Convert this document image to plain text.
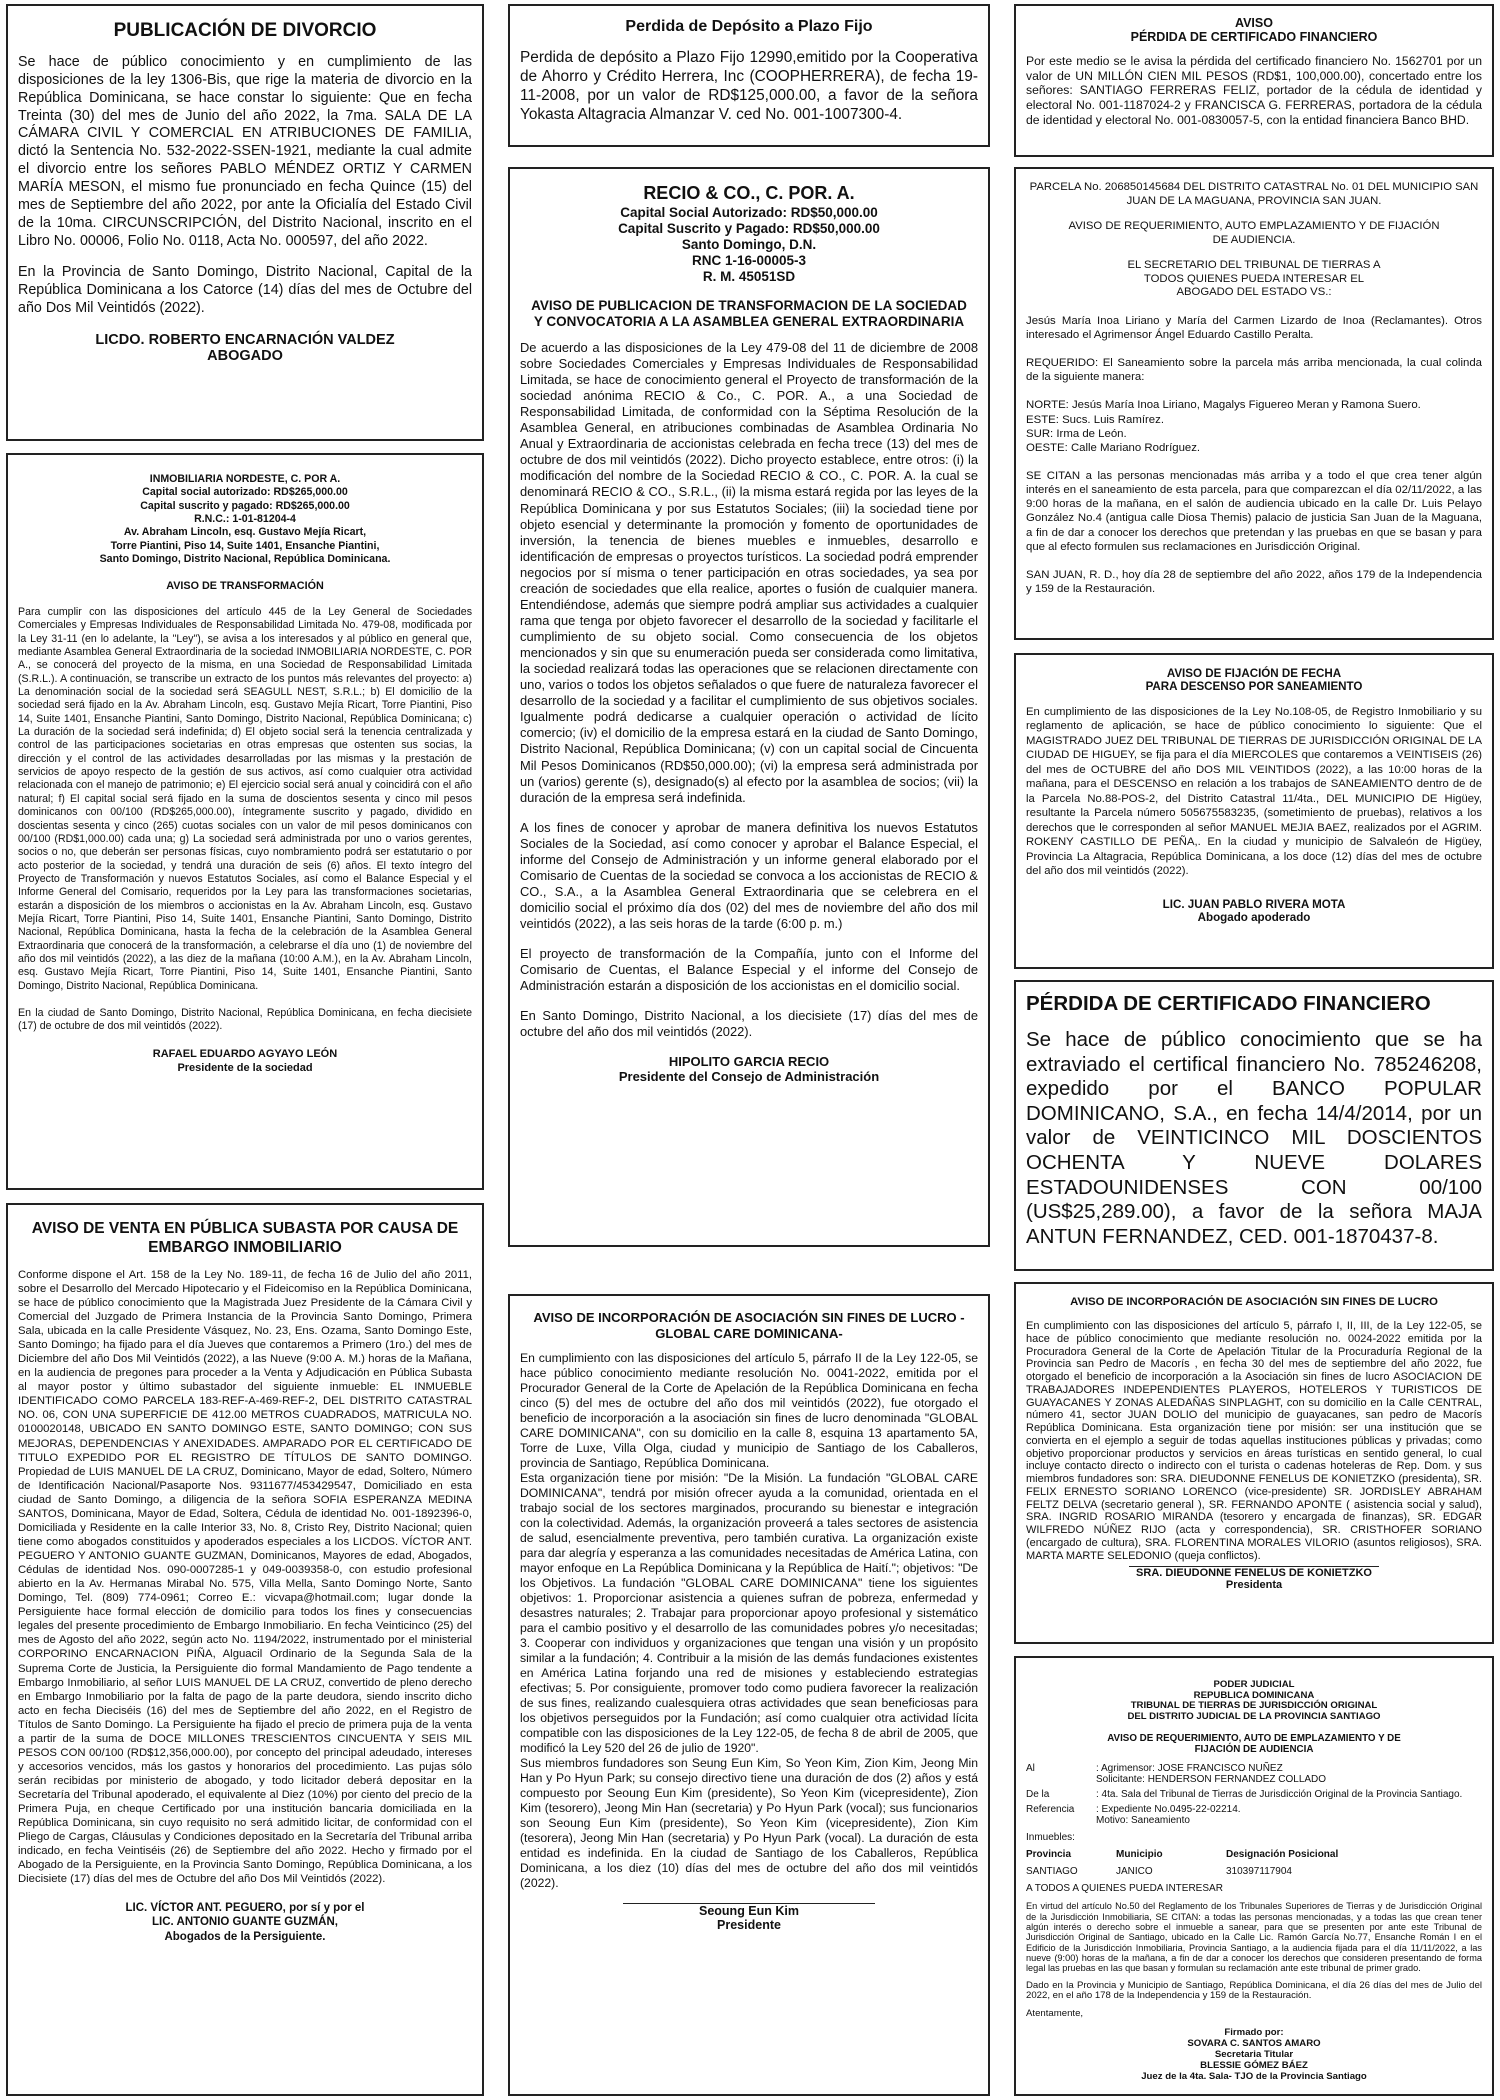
PUBLICACIÓN DE DIVORCIO

Se hace de público conocimiento y en cumplimiento de las disposiciones de la ley 1306-Bis, que rige la materia de divorcio en la República Dominicana, se hace constar lo siguiente: Que en fecha Treinta (30) del mes de Junio del año 2022, la 7ma. SALA DE LA CÁMARA CIVIL Y COMERCIAL EN ATRIBUCIONES DE FAMILIA, dictó la Sentencia No. 532-2022-SSEN-1921, mediante la cual admite el divorcio entre los señores PABLO MÉNDEZ ORTIZ Y CARMEN MARÍA MESON, el mismo fue pronunciado en fecha Quince (15) del mes de Septiembre del año 2022, por ante la Oficialía del Estado Civil de la 10ma. CIRCUNSCRIPCIÓN, del Distrito Nacional, inscrito en el Libro No. 00006, Folio No. 0118, Acta No. 000597, del año 2022.

En la Provincia de Santo Domingo, Distrito Nacional, Capital de la República Dominicana a los Catorce (14) días del mes de Octubre del año Dos Mil Veintidós (2022).

LICDO. ROBERTO ENCARNACIÓN VALDEZ
ABOGADO
INMOBILIARIA NORDESTE, C. POR A.
Capital social autorizado: RD$265,000.00
Capital suscrito y pagado: RD$265,000.00
R.N.C.: 1-01-81204-4
Av. Abraham Lincoln, esq. Gustavo Mejía Ricart,
Torre Piantini, Piso 14, Suite 1401, Ensanche Piantini,
Santo Domingo, Distrito Nacional, República Dominicana.
AVISO DE TRANSFORMACIÓN

Para cumplir con las disposiciones del artículo 445 de la Ley General de Sociedades Comerciales y Empresas Individuales de Responsabilidad Limitada No. 479-08, modificada por la Ley 31-11 (en lo adelante, la "Ley"), se avisa a los interesados y al público en general que, mediante Asamblea General Extraordinaria de la sociedad INMOBILIARIA NORDESTE, C. POR A., se conocerá del proyecto de la misma, en una Sociedad de Responsabilidad Limitada (S.R.L.). A continuación, se transcribe un extracto de los puntos más relevantes del proyecto: a) La denominación social de la sociedad será SEAGULL NEST, S.R.L.; b) El domicilio de la sociedad será fijado en la Av. Abraham Lincoln, esq. Gustavo Mejía Ricart, Torre Piantini, Piso 14, Suite 1401, Ensanche Piantini, Santo Domingo, Distrito Nacional, República Dominicana; c) La duración de la sociedad será indefinida; d) El objeto social será la tenencia centralizada y control de las participaciones societarias en otras empresas que ostenten sus socias, la dirección y el control de las actividades desarrolladas por las mismas y la prestación de servicios de apoyo respecto de la gestión de sus activos, así como cualquier otra actividad relacionada con el manejo de patrimonio; e) El ejercicio social será anual y coincidirá con el año natural; f) El capital social será fijado en la suma de doscientos sesenta y cinco mil pesos dominicanos con 00/100 (RD$265,000.00), íntegramente suscrito y pagado, dividido en doscientas sesenta y cinco (265) cuotas sociales con un valor de mil pesos dominicanos con 00/100 (RD$1,000.00) cada una; g) La sociedad será administrada por uno o varios gerentes, socios o no, que deberán ser personas físicas, cuyo nombramiento podrá ser estatutario o por acto posterior de la sociedad, y tendrá una duración de seis (6) años. El texto íntegro del Proyecto de Transformación y nuevos Estatutos Sociales, así como el Balance Especial y el Informe General del Comisario, requeridos por la Ley para las transformaciones societarias, estarán a disposición de los miembros o accionistas en la Av. Abraham Lincoln, esq. Gustavo Mejía Ricart, Torre Piantini, Piso 14, Suite 1401, Ensanche Piantini, Santo Domingo, Distrito Nacional, República Dominicana, hasta la fecha de la celebración de la Asamblea General Extraordinaria que conocerá de la transformación, a celebrarse el día uno (1) de noviembre del año dos mil veintidós (2022), a las diez de la mañana (10:00 A.M.), en la Av. Abraham Lincoln, esq. Gustavo Mejía Ricart, Torre Piantini, Piso 14, Suite 1401, Ensanche Piantini, Santo Domingo, Distrito Nacional, República Dominicana.

En la ciudad de Santo Domingo, Distrito Nacional, República Dominicana, en fecha diecisiete (17) de octubre de dos mil veintidós (2022).

RAFAEL EDUARDO AGYAYO LEÓN
Presidente de la sociedad
AVISO DE VENTA EN PÚBLICA SUBASTA POR CAUSA DE EMBARGO INMOBILIARIO

Conforme dispone el Art. 158 de la Ley No. 189-11, de fecha 16 de Julio del año 2011, sobre el Desarrollo del Mercado Hipotecario y el Fideicomiso en la República Dominicana, se hace de público conocimiento que la Magistrada Juez Presidente de la Cámara Civil y Comercial del Juzgado de Primera Instancia de la Provincia Santo Domingo, Primera Sala, ubicada en la calle Presidente Vásquez, No. 23, Ens. Ozama, Santo Domingo Este, Santo Domingo; ha fijado para el día Jueves que contaremos a Primero (1ro.) del mes de Diciembre del año Dos Mil Veintidós (2022), a las Nueve (9:00 A. M.) horas de la Mañana, en la audiencia de pregones para proceder a la Venta y Adjudicación en Pública Subasta al mayor postor y último subastador del siguiente inmueble: EL INMUEBLE IDENTIFICADO COMO PARCELA 183-REF-A-469-REF-2, DEL DISTRITO CATASTRAL NO. 06, CON UNA SUPERFICIE DE 412.00 METROS CUADRADOS, MATRICULA NO. 0100020148, UBICADO EN SANTO DOMINGO ESTE, SANTO DOMINGO; CON SUS MEJORAS, DEPENDENCIAS Y ANEXIDADES. AMPARADO POR EL CERTIFICADO DE TITULO EXPEDIDO POR EL REGISTRO DE TÍTULOS DE SANTO DOMINGO. Propiedad de LUIS MANUEL DE LA CRUZ, Dominicano, Mayor de edad, Soltero, Número de Identificación Nacional/Pasaporte Nos. 9311677/453429547, Domiciliado en esta ciudad de Santo Domingo, a diligencia de la señora SOFIA ESPERANZA MEDINA SANTOS, Dominicana, Mayor de Edad, Soltera, Cédula de identidad No. 001-1892396-0, Domiciliada y Residente en la calle Interior 33, No. 8, Cristo Rey, Distrito Nacional; quien tiene como abogados constituidos y apoderados especiales a los LICDOS. VÍCTOR ANT. PEGUERO Y ANTONIO GUANTE GUZMAN, Dominicanos, Mayores de edad, Abogados, Cédulas de identidad Nos. 090-0007285-1 y 049-0039358-0, con estudio profesional abierto en la Av. Hermanas Mirabal No. 575, Villa Mella, Santo Domingo Norte, Santo Domingo, Tel. (809) 774-0961; Correo E.: vicvapa@hotmail.com; lugar donde la Persiguiente hace formal elección de domicilio para todos los fines y consecuencias legales del presente procedimiento de Embargo Inmobiliario. En fecha Veinticinco (25) del mes de Agosto del año 2022, según acto No. 1194/2022, instrumentado por el ministerial CORPORINO ENCARNACION PIÑA, Alguacil Ordinario de la Segunda Sala de la Suprema Corte de Justicia, la Persiguiente dio formal Mandamiento de Pago tendente a Embargo Inmobiliario, al señor LUIS MANUEL DE LA CRUZ, convertido de pleno derecho en Embargo Inmobiliario por la falta de pago de la parte deudora, siendo inscrito dicho acto en fecha Dieciséis (16) del mes de Septiembre del año 2022, en el Registro de Títulos de Santo Domingo. La Persiguiente ha fijado el precio de primera puja de la venta a partir de la suma de DOCE MILLONES TRESCIENTOS CINCUENTA Y SEIS MIL PESOS CON 00/100 (RD$12,356,000.00), por concepto del principal adeudado, intereses y accesorios vencidos, más los gastos y honorarios del procedimiento. Las pujas sólo serán recibidas por ministerio de abogado, y todo licitador deberá depositar en la Secretaría del Tribunal apoderado, el equivalente al Diez (10%) por ciento del precio de la Primera Puja, en cheque Certificado por una institución bancaria domiciliada en la República Dominicana, sin cuyo requisito no será admitido licitar, de conformidad con el Pliego de Cargas, Cláusulas y Condiciones depositado en la Secretaría del Tribunal arriba indicado, en fecha Veintiséis (26) de Septiembre del año 2022. Hecho y firmado por el Abogado de la Persiguiente, en la Provincia Santo Domingo, República Dominicana, a los Diecisiete (17) días del mes de Octubre del año Dos Mil Veintidós (2022).

LIC. VÍCTOR ANT. PEGUERO, por sí y por el
LIC. ANTONIO GUANTE GUZMÁN,
Abogados de la Persiguiente.
Perdida de Depósito a Plazo Fijo

Perdida de depósito a Plazo Fijo 12990,emitido por la Cooperativa de Ahorro y Crédito Herrera, Inc (COOPHERRERA), de fecha 19-11-2008, por un valor de RD$125,000.00, a favor de la señora Yokasta Altagracia Almanzar V. ced No. 001-1007300-4.

RECIO & CO., C. POR. A.
Capital Social Autorizado: RD$50,000.00
Capital Suscrito y Pagado: RD$50,000.00
Santo Domingo, D.N.
RNC 1-16-00005-3
R. M. 45051SD
AVISO DE PUBLICACION DE TRANSFORMACION DE LA SOCIEDAD Y CONVOCATORIA A LA ASAMBLEA GENERAL EXTRAORDINARIA

De acuerdo a las disposiciones de la Ley 479-08 del 11 de diciembre de 2008 sobre Sociedades Comerciales y Empresas Individuales de Responsabilidad Limitada, se hace de conocimiento general el Proyecto de transformación de la sociedad anónima RECIO & Co., C. POR. A., a una Sociedad de Responsabilidad Limitada, de conformidad con la Séptima Resolución de la Asamblea General, en atribuciones combinadas de Asamblea Ordinaria No Anual y Extraordinaria de accionistas celebrada en fecha trece (13) del mes de octubre de dos mil veintidós (2022). Dicho proyecto establece, entre otros: (i) la modificación del nombre de la Sociedad RECIO & CO., C. POR. A. la cual se denominará RECIO & CO., S.R.L., (ii) la misma estará regida por las leyes de la República Dominicana y por sus Estatutos Sociales; (iii) la sociedad tiene por objeto esencial y determinante la promoción y fomento de oportunidades de inversión, la tenencia de bienes muebles e inmuebles, desarrollo e identificación de empresas o proyectos turísticos. La sociedad podrá emprender negocios por sí misma o tener participación en otras sociedades, ya sea por creación de sociedades que ella realice, aportes o fusión de cualquier manera. Entendiéndose, además que siempre podrá ampliar sus actividades a cualquier rama que tenga por objeto favorecer el desarrollo de la sociedad y facilitarle el cumplimiento de su objeto social. Como consecuencia de los objetos mencionados y sin que su enumeración pueda ser considerada como limitativa, la sociedad realizará todas las operaciones que se relacionen directamente con uno, varios o todos los objetos señalados o que fuere de naturaleza favorecer el desarrollo de la sociedad y a facilitar el cumplimiento de sus objetivos sociales. Igualmente podrá dedicarse a cualquier operación o actividad de lícito comercio; (iv) el domicilio de la empresa estará en la ciudad de Santo Domingo, Distrito Nacional, República Dominicana; (v) con un capital social de Cincuenta Mil Pesos Dominicanos (RD$50,000.00); (vi) la empresa será administrada por un (varios) gerente (s), designado(s) al efecto por la asamblea de socios; (vii) la duración de la empresa será indefinida.

A los fines de conocer y aprobar de manera definitiva los nuevos Estatutos Sociales de la Sociedad, así como conocer y aprobar el Balance Especial, el informe del Consejo de Administración y un informe general elaborado por el Comisario de Cuentas de la sociedad se convoca a los accionistas de RECIO & CO., S.A., a la Asamblea General Extraordinaria que se celebrera en el domicilio social el próximo día dos (02) del mes de noviembre del año dos mil veintidós (2022), a las seis horas de la tarde (6:00 p. m.)

El proyecto de transformación de la Compañía, junto con el Informe del Comisario de Cuentas, el Balance Especial y el informe del Consejo de Administración estarán a disposición de los accionistas en el domicilio social.

En Santo Domingo, Distrito Nacional, a los diecisiete (17) días del mes de octubre del año dos mil veintidós (2022).

HIPOLITO GARCIA RECIO
Presidente del Consejo de Administración
AVISO DE INCORPORACIÓN DE ASOCIACIÓN SIN FINES DE LUCRO -GLOBAL CARE DOMINICANA-

En cumplimiento con las disposiciones del artículo 5, párrafo II de la Ley 122-05, se hace público conocimiento mediante resolución No. 0041-2022, emitida por el Procurador General de la Corte de Apelación de la República Dominicana en fecha cinco (5) del mes de octubre del año dos mil veintidós (2022), fue otorgado el beneficio de incorporación a la asociación sin fines de lucro denominada "GLOBAL CARE DOMINICANA", con su domicilio en la calle 8, esquina 13 apartamento 5A, Torre de Luxe, Villa Olga, ciudad y municipio de Santiago de los Caballeros, provincia de Santiago, República Dominicana.

Esta organización tiene por misión: "De la Misión. La fundación "GLOBAL CARE DOMINICANA", tendrá por misión ofrecer ayuda a la comunidad, orientada en el trabajo social de los sectores marginados, procurando su bienestar e integración con la colectividad. Además, la organización proveerá a tales sectores de asistencia de salud, esencialmente preventiva, pero también curativa. La organización existe para dar alegría y esperanza a las comunidades necesitadas de América Latina, con mayor enfoque en La República Dominicana y la República de Haití."; objetivos: "De los Objetivos. La fundación "GLOBAL CARE DOMINICANA" tiene los siguientes objetivos: 1. Proporcionar asistencia a quienes sufran de pobreza, enfermedad y desastres naturales; 2. Trabajar para proporcionar apoyo profesional y sistemático para el cambio positivo y el desarrollo de las comunidades pobres y/o necesitadas; 3. Cooperar con individuos y organizaciones que tengan una visión y un propósito similar a la fundación; 4. Contribuir a la misión de las demás fundaciones existentes en América Latina forjando una red de misiones y estableciendo estrategias efectivas; 5. Por consiguiente, promover todo como pudiera favorecer la realización de sus fines, realizando cualesquiera otras actividades que sean beneficiosas para los objetivos perseguidos por la Fundación; así como cualquier otra actividad lícita compatible con las disposiciones de la Ley 122-05, de fecha 8 de abril de 2005, que modificó la Ley 520 del 26 de julio de 1920".

Sus miembros fundadores son Seung Eun Kim, So Yeon Kim, Zion Kim, Jeong Min Han y Po Hyun Park; su consejo directivo tiene una duración de dos (2) años y está compuesto por Seoung Eun Kim (presidente), So Yeon Kim (vicepresidente), Zion Kim (tesorero), Jeong Min Han (secretaria) y Po Hyun Park (vocal); sus funcionarios son Seoung Eun Kim (presidente), So Yeon Kim (vicepresidente), Zion Kim (tesorera), Jeong Min Han (secretaria) y Po Hyun Park (vocal). La duración de esta entidad es indefinida. En la ciudad de Santiago de los Caballeros, República Dominicana, a los diez (10) días del mes de octubre del año dos mil veintidós (2022).

Seoung Eun Kim
Presidente
AVISO
PÉRDIDA DE CERTIFICADO FINANCIERO

Por este medio se le avisa la pérdida del certificado financiero No. 1562701 por un valor de UN MILLÓN CIEN MIL PESOS (RD$1, 100,000.00), concertado entre los señores: SANTIAGO FERRERAS FELIZ, portador de la cédula de identidad y electoral No. 001-1187024-2 y FRANCISCA G. FERRERAS, portadora de la cédula de identidad y electoral No. 001-0830057-5, con la entidad financiera Banco BHD.

PARCELA No. 206850145684 DEL DISTRITO CATASTRAL No. 01 DEL MUNICIPIO SAN JUAN DE LA MAGUANA, PROVINCIA SAN JUAN.
AVISO DE REQUERIMIENTO, AUTO EMPLAZAMIENTO Y DE FIJACIÓN DE AUDIENCIA.
EL SECRETARIO DEL TRIBUNAL DE TIERRAS A TODOS QUIENES PUEDA INTERESAR EL ABOGADO DEL ESTADO VS.:

Jesús María Inoa Liriano y María del Carmen Lizardo de Inoa (Reclamantes). Otros interesado el Agrimensor Ángel Eduardo Castillo Peralta.

REQUERIDO: El Saneamiento sobre la parcela más arriba mencionada, la cual colinda de la siguiente manera:

NORTE: Jesús María Inoa Liriano, Magalys Figuereo Meran y Ramona Suero.
ESTE: Sucs. Luis Ramírez.
SUR: Irma de León.
OESTE: Calle Mariano Rodríguez.

SE CITAN a las personas mencionadas más arriba y a todo el que crea tener algún interés en el saneamiento de esta parcela, para que comparezcan el día 02/11/2022, a las 9:00 horas de la mañana, en el salón de audiencia ubicado en la calle Dr. Luis Pelayo González No.4 (antigua calle Diosa Themis) palacio de justicia San Juan de la Maguana, a fin de dar a conocer los derechos que pretendan y las pruebas en que se basan y para que al efecto formulen sus reclamaciones en Jurisdicción Original.

SAN JUAN, R. D., hoy día 28 de septiembre del año 2022, años 179 de la Independencia y 159 de la Restauración.

AVISO DE FIJACIÓN DE FECHA
PARA DESCENSO POR SANEAMIENTO

En cumplimiento de las disposiciones de la Ley No.108-05, de Registro Inmobiliario y su reglamento de aplicación, se hace de público conocimiento lo siguiente: Que el MAGISTRADO JUEZ DEL TRIBUNAL DE TIERRAS DE JURISDICCIÓN ORIGINAL DE LA CIUDAD DE HIGUEY, se fija para el día MIERCOLES que contaremos a VEINTISEIS (26) del mes de OCTUBRE del año DOS MIL VEINTIDOS (2022), a las 10:00 horas de la mañana, para el DESCENSO en relación a los trabajos de SANEAMIENTO dentro de de la Parcela No.88-POS-2, del Distrito Catastral 11/4ta., DEL MUNICIPIO DE Higüey, resultante la Parcela número 505675583235, (sometimiento de pruebas), relativos a los derechos que le corresponden al señor MANUEL MEJIA BAEZ, realizados por el AGRIM. ROKENY CASTILLO DE PEÑA,. En la ciudad y municipio de Salvaleón de Higüey, Provincia La Altagracia, República Dominicana, a los doce (12) días del mes de octubre del año dos mil veintidós (2022).

LIC. JUAN PABLO RIVERA MOTA
Abogado apoderado
PÉRDIDA DE CERTIFICADO FINANCIERO

Se hace de público conocimiento que se ha extraviado el certifical financiero No. 785246208, expedido por el BANCO POPULAR DOMINICANO, S.A., en fecha 14/4/2014, por un valor de VEINTICINCO MIL DOSCIENTOS OCHENTA Y NUEVE DOLARES ESTADOUNIDENSES CON 00/100 (US$25,289.00), a favor de la señora MAJA ANTUN FERNANDEZ, CED. 001-1870437-8.

AVISO DE INCORPORACIÓN DE ASOCIACIÓN SIN FINES DE LUCRO

En cumplimiento con las disposiciones del artículo 5, párrafo I, II, III, de la Ley 122-05, se hace de público conocimiento que mediante resolución no. 0024-2022 emitida por la Procuradora General de la Corte de Apelación Titular de la Procuraduría Regional de la Provincia san Pedro de Macorís , en fecha 30 del mes de septiembre del año 2022, fue otorgado el beneficio de incorporación a la Asociación sin fines de lucro ASOCIACION DE TRABAJADORES INDEPENDIENTES PLAYEROS, HOTELEROS Y TURISTICOS DE GUAYACANES Y ZONAS ALEDAÑAS SINPLAGHT, con su domicilio en la Calle CENTRAL, número 41, sector JUAN DOLIO del municipio de guayacanes, san pedro de Macorís República Dominicana. Esta organización tiene por misión: ser una institución que se convierta en el ejemplo a seguir de todas aquellas instituciones públicas y privadas; como objetivo proporcionar productos y servicios en áreas turísticas en sentido general, lo cual incluye contacto directo o indirecto con el turista o cadenas hoteleras de Rep. Dom. y sus miembros fundadores son: SRA. DIEUDONNE FENELUS DE KONIETZKO (presidenta), SR. FELIX ERNESTO SORIANO LORENCO (vice-presidente) SR. JORDISLEY ABRAHAM FELTZ DELVA (secretario general ), SR. FERNANDO APONTE ( asistencia social y salud), SRA. INGRID ROSARIO MIRANDA (tesorero y encargada de finanzas), SR. EDGAR WILFREDO NÚÑEZ RIJO (acta y correspondencia), SR. CRISTHOFER SORIANO (encargado de cultura), SRA. FLORENTINA MORALES VILORIO (asuntos religiosos), SRA. MARTA MARTE SELEDONIO (queja conflictos).

SRA. DIEUDONNE FENELUS DE KONIETZKO
Presidenta
PODER JUDICIAL
REPUBLICA DOMINICANA
TRIBUNAL DE TIERRAS DE JURISDICCIÓN ORIGINAL
DEL DISTRITO JUDICIAL DE LA PROVINCIA SANTIAGO
AVISO DE REQUERIMIENTO, AUTO DE EMPLAZAMIENTO Y DE FIJACIÓN DE AUDIENCIA
Al	: Agrimensor: JOSE FRANCISCO NUÑEZ
Solicitante: HENDERSON FERNANDEZ COLLADO
De la	: 4ta. Sala del Tribunal de Tierras de Jurisdicción Original de la Provincia Santiago.
Referencia	: Expediente No.0495-22-02214.
Motivo: Saneamiento
Inmuebles:
Provincia	Municipio	Designación Posicional
SANTIAGO	JANICO	310397117904
A TODOS A QUIENES PUEDA INTERESAR

En virtud del artículo No.50 del Reglamento de los Tribunales Superiores de Tierras y de Jurisdicción Original de la Jurisdicción Inmobiliaria, SE CITAN: a todas las personas mencionadas, y a todas las que crean tener algún interés o derecho sobre el inmueble a sanear, para que se presenten por ante este Tribunal de Jurisdicción Original de Santiago, ubicado en la Calle Lic. Ramón García No.77, Ensanche Román I en el Edificio de la Jurisdicción Inmobiliaria, Provincia Santiago, a la audiencia fijada para el día 11/11/2022, a las nueve (9:00) horas de la mañana, a fin de dar a conocer los derechos que consideren presentando de forma legal las pruebas en las que basan y formulan su reclamación ante este tribunal de primer grado.

Dado en la Provincia y Municipio de Santiago, República Dominicana, el día 26 días del mes de Julio del 2022, en el año 178 de la Independencia y 159 de la Restauración.

Atentamente,
Firmado por:
SOVARA C. SANTOS AMARO
Secretaria Titular
BLESSIE GÓMEZ BÁEZ
Juez de la 4ta. Sala- TJO de la Provincia Santiago
